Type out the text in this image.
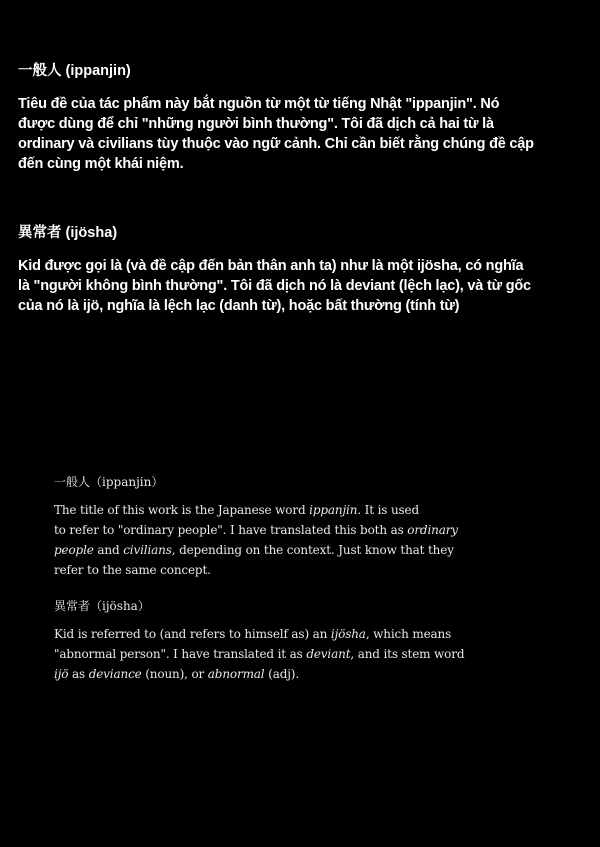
一般人 (ippanjin)

Tiêu đề của tác phẩm này bắt nguồn từ một từ tiếng Nhật "ippanjin". Nó
được dùng để chỉ "những người bình thường". Tôi đã dịch cả hai từ là
ordinary và civilians tùy thuộc vào ngữ cảnh. Chỉ cần biết rằng chúng đề cập
đến cùng một khái niệm.

異常者 (ijösha)

Kid được gọi là (và đề cập đến bản thân anh ta) như là một ijösha, có nghĩa
là "người không bình thường". Tôi đã dịch nó là deviant (lệch lạc), và từ gốc
của nó là ijö, nghĩa là lệch lạc (danh từ), hoặc bất thường (tính từ)

一般人（ippanjin）

The title of this work is the Japanese word ippanjin. It is used
to refer to "ordinary people". I have translated this both as ordinary
people and civilians, depending on the context. Just know that they
refer to the same concept.

異常者（ijösha）

Kid is referred to (and refers to himself as) an ijösha, which means
"abnormal person". I have translated it as deviant, and its stem word
ijö as deviance (noun), or abnormal (adj).
